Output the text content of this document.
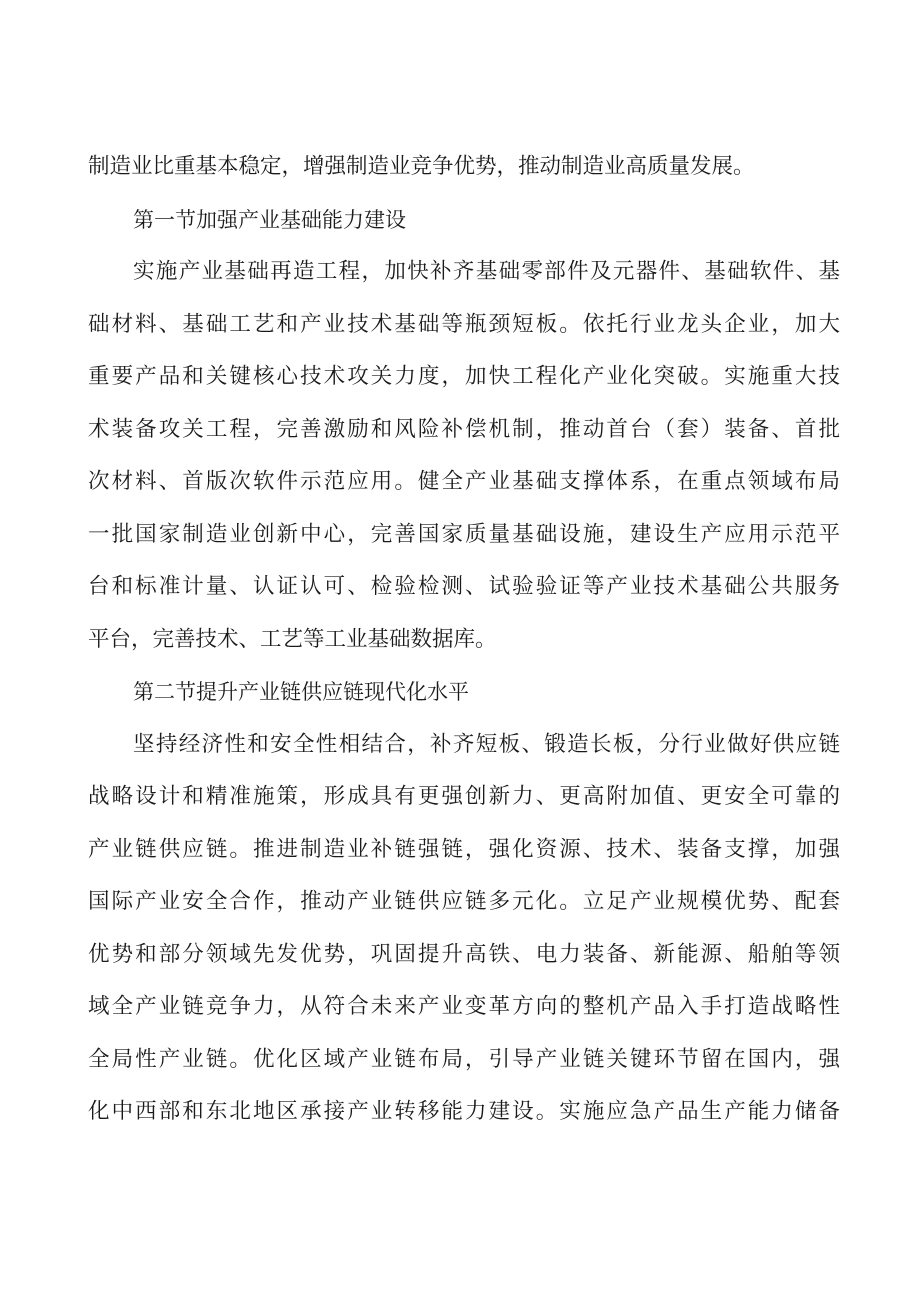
制造业比重基本稳定，增强制造业竞争优势，推动制造业高质量发展。
第一节加强产业基础能力建设
实施产业基础再造工程，加快补齐基础零部件及元器件、基础软件、基
础材料、基础工艺和产业技术基础等瓶颈短板。依托行业龙头企业，加大
重要产品和关键核心技术攻关力度，加快工程化产业化突破。实施重大技
术装备攻关工程，完善激励和风险补偿机制，推动首台（套）装备、首批
次材料、首版次软件示范应用。健全产业基础支撑体系，在重点领域布局
一批国家制造业创新中心，完善国家质量基础设施，建设生产应用示范平
台和标准计量、认证认可、检验检测、试验验证等产业技术基础公共服务
平台，完善技术、工艺等工业基础数据库。
第二节提升产业链供应链现代化水平
坚持经济性和安全性相结合，补齐短板、锻造长板，分行业做好供应链
战略设计和精准施策，形成具有更强创新力、更高附加值、更安全可靠的
产业链供应链。推进制造业补链强链，强化资源、技术、装备支撑，加强
国际产业安全合作，推动产业链供应链多元化。立足产业规模优势、配套
优势和部分领域先发优势，巩固提升高铁、电力装备、新能源、船舶等领
域全产业链竞争力，从符合未来产业变革方向的整机产品入手打造战略性
全局性产业链。优化区域产业链布局，引导产业链关键环节留在国内，强
化中西部和东北地区承接产业转移能力建设。实施应急产品生产能力储备
